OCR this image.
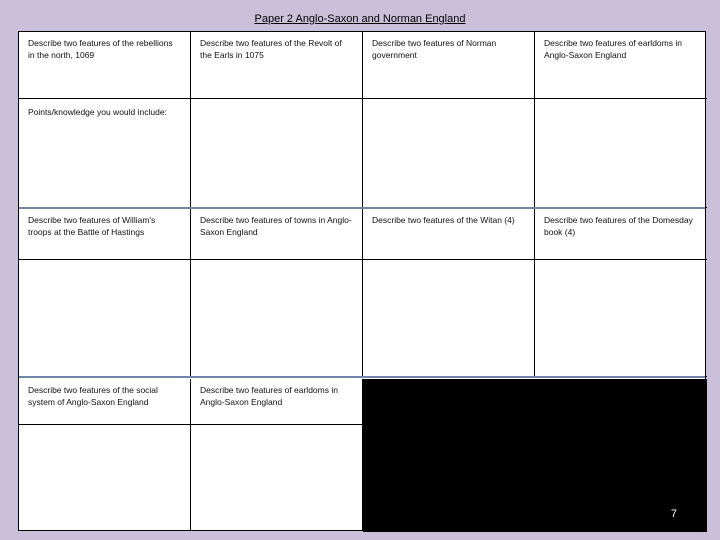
Paper 2 Anglo-Saxon and Norman England
Describe two features of the rebellions in the north, 1069
Describe two features of the Revolt of the Earls in 1075
Describe two features of Norman government
Describe two features of earldoms in Anglo-Saxon England
Points/knowledge you would include:
Describe two features of William's troops at the Battle of Hastings
Describe two features of towns in Anglo-Saxon England
Describe two features of the Witan (4)	Describe two features of the Domesday book (4)
Describe two features of the social system of Anglo-Saxon England
Describe two features of earldoms in Anglo-Saxon England
7
